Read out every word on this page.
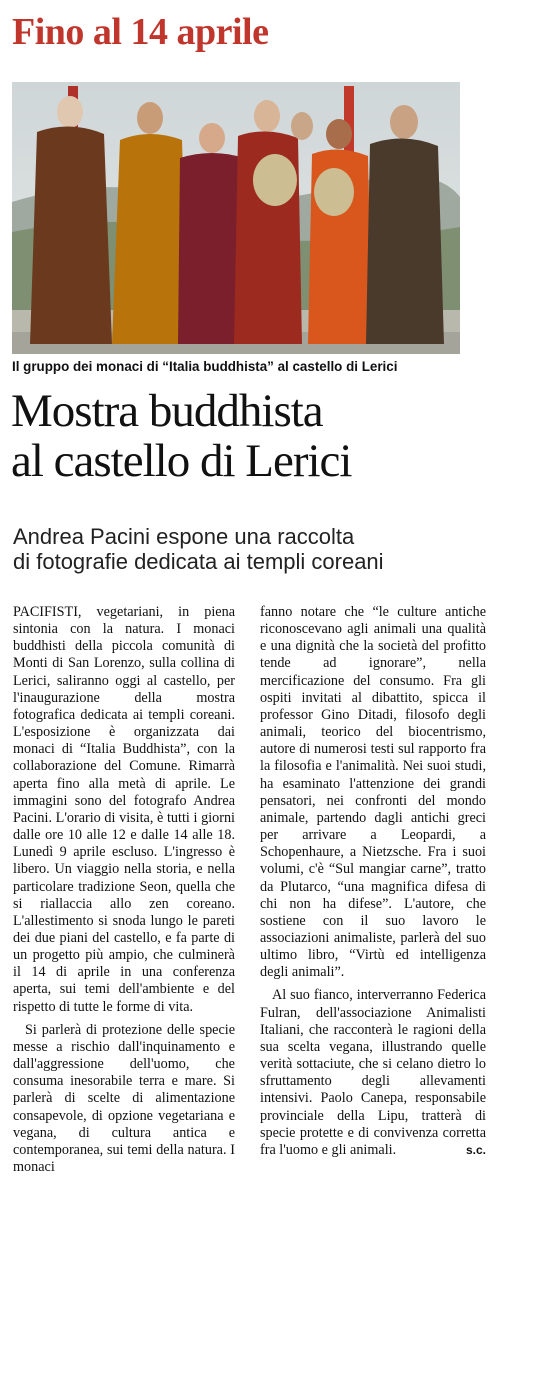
Fino al 14 aprile
Il gruppo dei monaci di “Italia buddhista” al castello di Lerici
Mostra buddhista
al castello di Lerici
Andrea Pacini espone una raccolta
di fotografie dedicata ai templi coreani

PACIFISTI, vegetariani, in piena sintonia con la natura. I monaci buddhisti della piccola comunità di Monti di San Lorenzo, sulla collina di Lerici, saliranno oggi al castello, per l'inaugurazione della mostra fotografica dedicata ai templi coreani. L'esposizione è organizzata dai monaci di “Italia Buddhista”, con la collaborazione del Comune. Rimarrà aperta fino alla metà di aprile. Le immagini sono del fotografo Andrea Pacini. L'orario di visita, è tutti i giorni dalle ore 10 alle 12 e dalle 14 alle 18. Lunedì 9 aprile escluso. L'ingresso è libero. Un viaggio nella storia, e nella particolare tradizione Seon, quella che si riallaccia allo zen coreano. L'allestimento si snoda lungo le pareti dei due piani del castello, e fa parte di un progetto più ampio, che culminerà il 14 di aprile in una conferenza aperta, sui temi dell'ambiente e del rispetto di tutte le forme di vita.

Si parlerà di protezione delle specie messe a rischio dall'inquinamento e dall'aggressione dell'uomo, che consuma inesorabile terra e mare. Si parlerà di scelte di alimentazione consapevole, di opzione vegetariana e vegana, di cultura antica e contemporanea, sui temi della natura. I monaci

fanno notare che “le culture antiche riconoscevano agli animali una qualità e una dignità che la società del profitto tende ad ignorare”, nella mercificazione del consumo. Fra gli ospiti invitati al dibattito, spicca il professor Gino Ditadi, filosofo degli animali, teorico del biocentrismo, autore di numerosi testi sul rapporto fra la filosofia e l'animalità. Nei suoi studi, ha esaminato l'attenzione dei grandi pensatori, nei confronti del mondo animale, partendo dagli antichi greci per arrivare a Leopardi, a Schopenhaure, a Nietzsche. Fra i suoi volumi, c'è “Sul mangiar carne”, tratto da Plutarco, “una magnifica difesa di chi non ha difese”. L'autore, che sostiene con il suo lavoro le associazioni animaliste, parlerà del suo ultimo libro, “Virtù ed intelligenza degli animali”.

Al suo fianco, interverranno Federica Fulran, dell'associazione Animalisti Italiani, che racconterà le ragioni della sua scelta vegana, illustrando quelle verità sottaciute, che si celano dietro lo sfruttamento degli allevamenti intensivi. Paolo Canepa, responsabile provinciale della Lipu, tratterà di specie protette e di convivenza corretta fra l'uomo e gli animali.	s.c.
